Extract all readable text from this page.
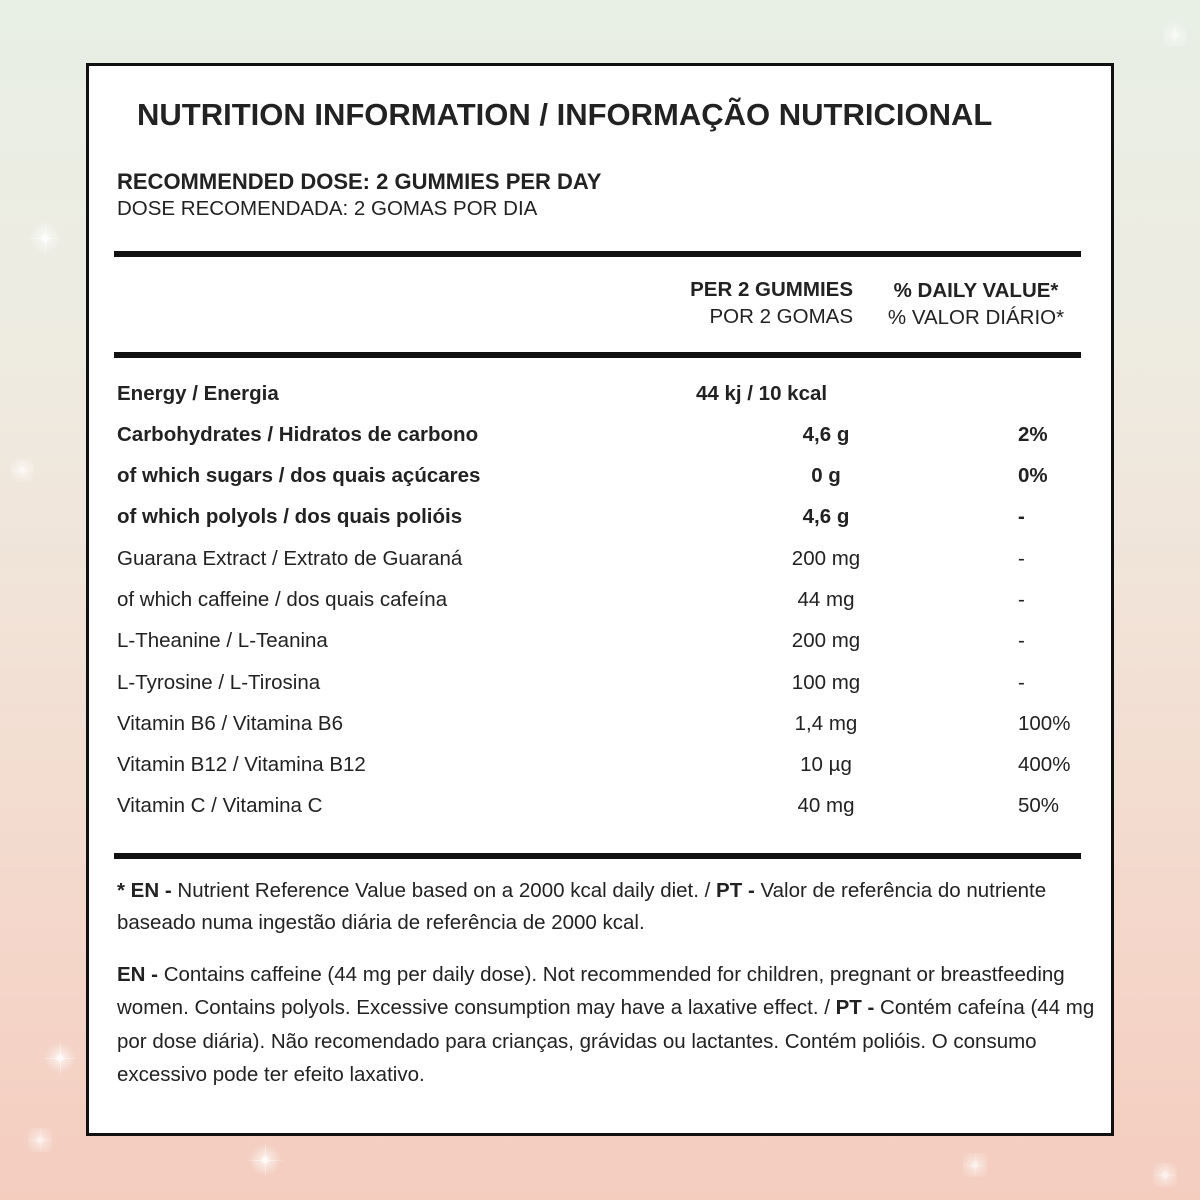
NUTRITION INFORMATION / INFORMAÇÃO NUTRICIONAL
RECOMMENDED DOSE: 2 GUMMIES PER DAY
DOSE RECOMENDADA: 2 GOMAS POR DIA
PER 2 GUMMIES
POR 2 GOMAS
% DAILY VALUE*
% VALOR DIÁRIO*
Energy / Energia	44 kj / 10 kcal
Carbohydrates / Hidratos de carbono	4,6 g	2%
of which sugars / dos quais açúcares	0 g	0%
of which polyols / dos quais polióis	4,6 g	-
Guarana Extract / Extrato de Guaraná	200 mg	-
of which caffeine / dos quais cafeína	44 mg	-
L-Theanine / L-Teanina	200 mg	-
L-Tyrosine / L-Tirosina	100 mg	-
Vitamin B6 / Vitamina B6	1,4 mg	100%
Vitamin B12 / Vitamina B12	10 µg	400%
Vitamin C / Vitamina C	40 mg	50%

* EN - Nutrient Reference Value based on a 2000 kcal daily diet. / PT - Valor de referência do nutriente baseado numa ingestão diária de referência de 2000 kcal.

EN - Contains caffeine (44 mg per daily dose). Not recommended for children, pregnant or breastfeeding women. Contains polyols. Excessive consumption may have a laxative effect. / PT - Contém cafeína (44 mg por dose diária). Não recomendado para crianças, grávidas ou lactantes. Contém polióis. O consumo excessivo pode ter efeito laxativo.
